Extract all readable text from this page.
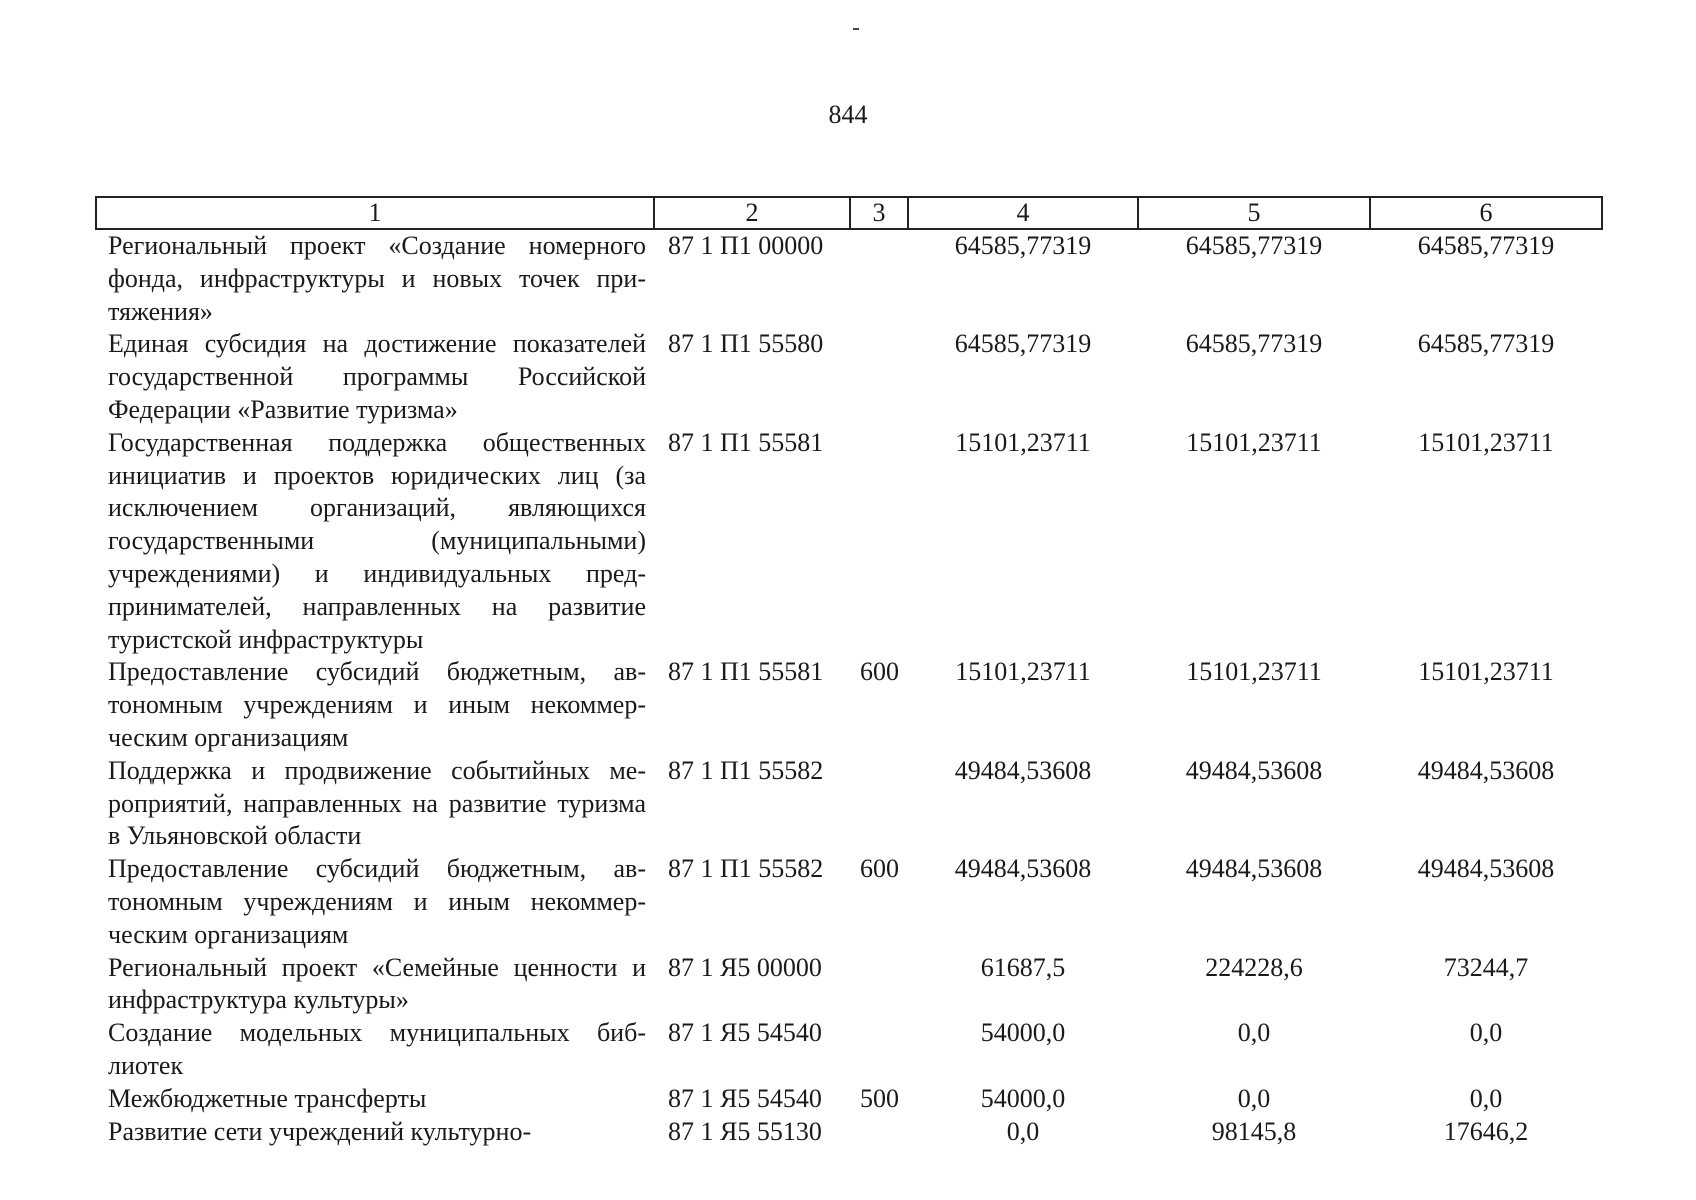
844
1	2	3	4	5	6
Региональный проект «Создание номерного фонда, инфраструктуры и новых точек притяжения»	87 1 П1 00000		64585,77319	64585,77319	64585,77319
Единая субсидия на достижение показателей государственной программы Российской Федерации «Развитие туризма»	87 1 П1 55580		64585,77319	64585,77319	64585,77319
Государственная поддержка общественных инициатив и проектов юридических лиц (за исключением организаций, являющихся государственными (муниципальными) учреждениями) и индивидуальных предпринимателей, направленных на развитие туристской инфраструктуры	87 1 П1 55581		15101,23711	15101,23711	15101,23711
Предоставление субсидий бюджетным, автономным учреждениям и иным некоммерческим организациям	87 1 П1 55581	600	15101,23711	15101,23711	15101,23711
Поддержка и продвижение событийных мероприятий, направленных на развитие туризма в Ульяновской области	87 1 П1 55582		49484,53608	49484,53608	49484,53608
Предоставление субсидий бюджетным, автономным учреждениям и иным некоммерческим организациям	87 1 П1 55582	600	49484,53608	49484,53608	49484,53608
Региональный проект «Семейные ценности и инфраструктура культуры»	87 1 Я5 00000		61687,5	224228,6	73244,7
Создание модельных муниципальных библиотек	87 1 Я5 54540		54000,0	0,0	0,0
Межбюджетные трансферты	87 1 Я5 54540	500	54000,0	0,0	0,0
Развитие сети учреждений культурно-	87 1 Я5 55130		0,0	98145,8	17646,2
